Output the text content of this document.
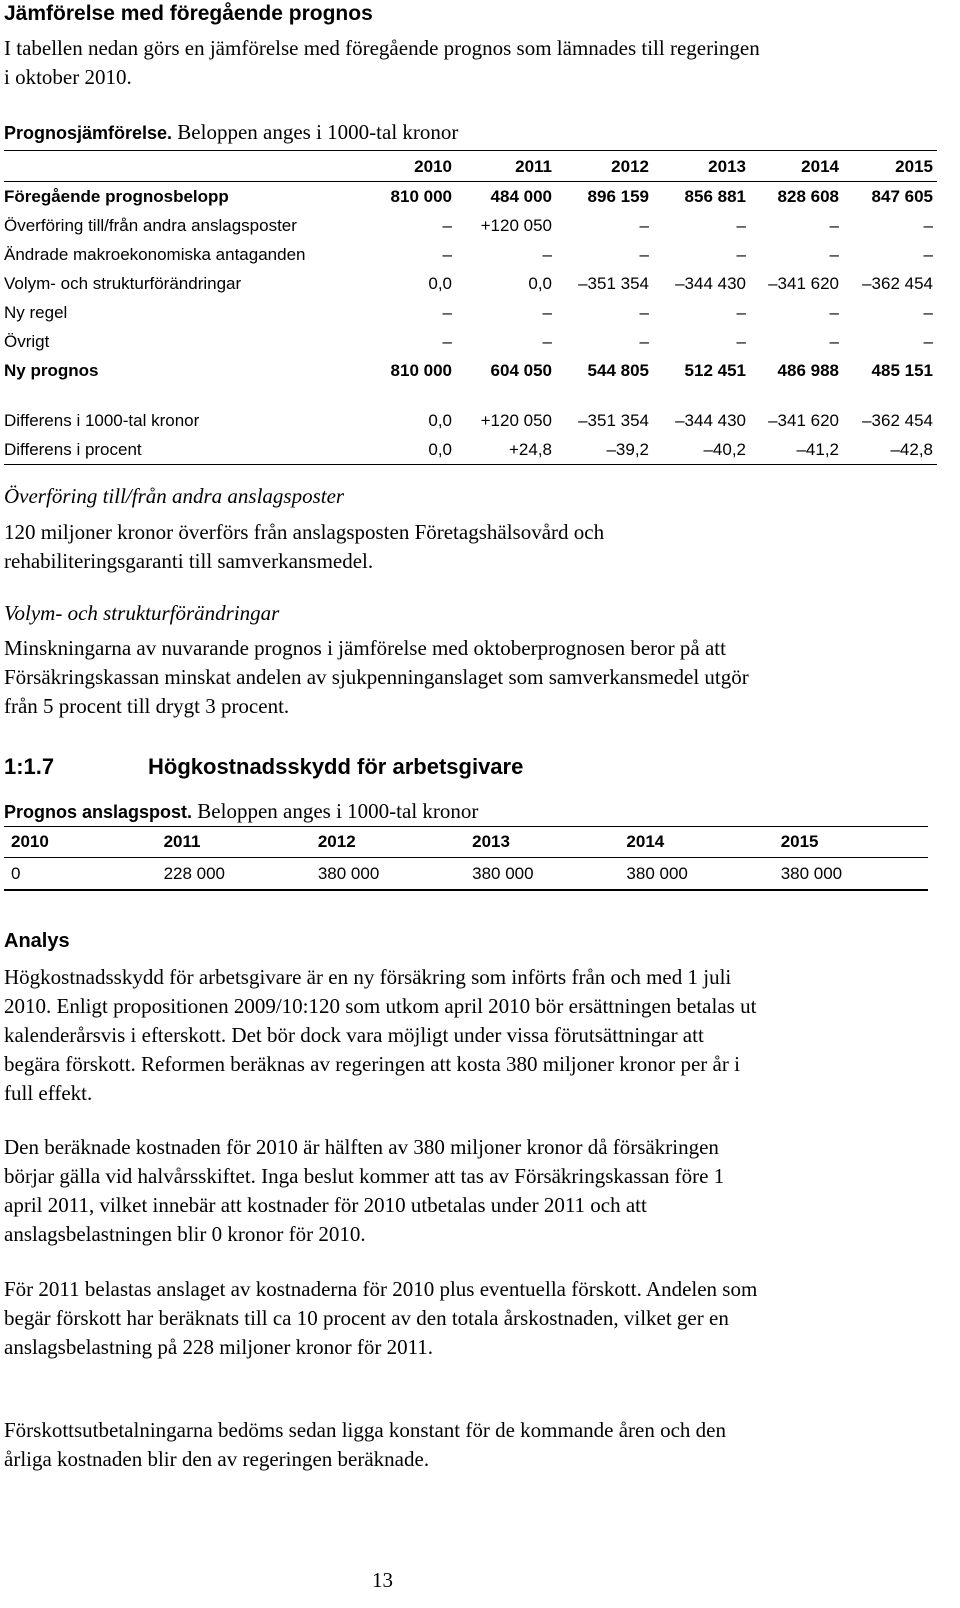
Jämförelse med föregående prognos

I tabellen nedan görs en jämförelse med föregående prognos som lämnades till regeringen i oktober 2010.

Prognosjämförelse. Beloppen anges i 1000-tal kronor
	2010	2011	2012	2013	2014	2015
Föregående prognosbelopp	810 000	484 000	896 159	856 881	828 608	847 605
Överföring till/från andra anslagsposter	–	+120 050	–	–	–	–
Ändrade makroekonomiska antaganden	–	–	–	–	–	–
Volym- och strukturförändringar	0,0	0,0	–351 354	–344 430	–341 620	–362 454
Ny regel	–	–	–	–	–	–
Övrigt	–	–	–	–	–	–
Ny prognos	810 000	604 050	544 805	512 451	486 988	485 151

Differens i 1000-tal kronor	0,0	+120 050	–351 354	–344 430	–341 620	–362 454
Differens i procent	0,0	+24,8	–39,2	–40,2	–41,2	–42,8
Överföring till/från andra anslagsposter

120 miljoner kronor överförs från anslagsposten Företagshälsovård och rehabiliteringsgaranti till samverkansmedel.

Volym- och strukturförändringar

Minskningarna av nuvarande prognos i jämförelse med oktoberprognosen beror på att Försäkringskassan minskat andelen av sjukpenninganslaget som samverkansmedel utgör från 5 procent till drygt 3 procent.

1:1.7	Högkostnadsskydd för arbetsgivare
Prognos anslagspost. Beloppen anges i 1000-tal kronor
2010	2011	2012	2013	2014	2015
0	228 000	380 000	380 000	380 000	380 000
Analys

Högkostnadsskydd för arbetsgivare är en ny försäkring som införts från och med 1 juli 2010. Enligt propositionen 2009/10:120 som utkom april 2010 bör ersättningen betalas ut kalenderårsvis i efterskott. Det bör dock vara möjligt under vissa förutsättningar att begära förskott. Reformen beräknas av regeringen att kosta 380 miljoner kronor per år i full effekt.

Den beräknade kostnaden för 2010 är hälften av 380 miljoner kronor då försäkringen börjar gälla vid halvårsskiftet. Inga beslut kommer att tas av Försäkringskassan före 1 april 2011, vilket innebär att kostnader för 2010 utbetalas under 2011 och att anslagsbelastningen blir 0 kronor för 2010.

För 2011 belastas anslaget av kostnaderna för 2010 plus eventuella förskott. Andelen som begär förskott har beräknats till ca 10 procent av den totala årskostnaden, vilket ger en anslagsbelastning på 228 miljoner kronor för 2011.

Förskottsutbetalningarna bedöms sedan ligga konstant för de kommande åren och den årliga kostnaden blir den av regeringen beräknade.

13
